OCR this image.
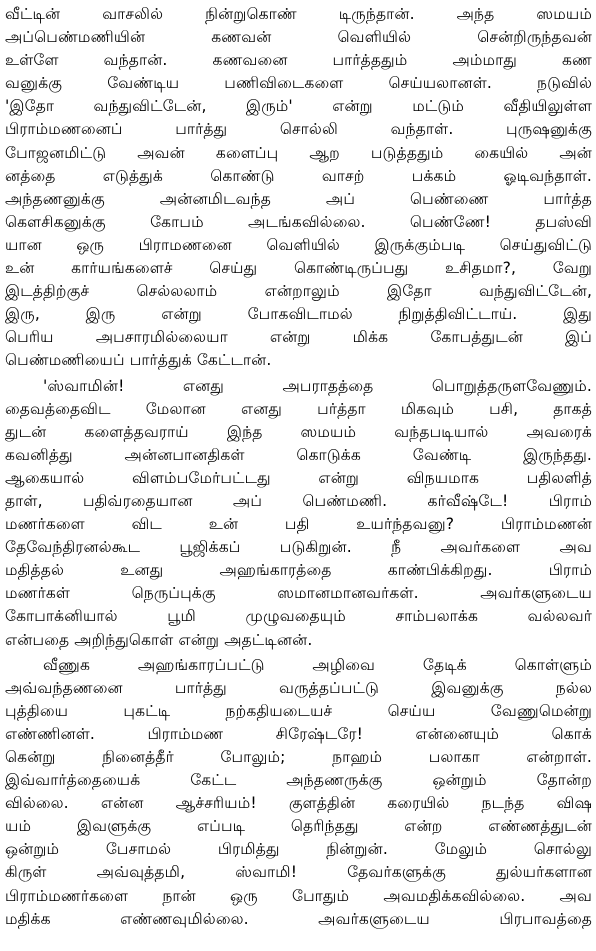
வீட்டின் வாசலில் நின்றுகொண் டிருந்தான். அந்த ஸமயம்
அப்பெண்மணியின் கணவன் வெளியில் சென்றிருந்தவன்
உள்ளே வந்தான். கணவனை பார்த்ததும் அம்மாது கண
வனுக்கு வேண்டிய பணிவிடைகளை செய்யலானள். நடுவில்
'இதோ வந்துவிட்டேன், இரும்' என்று மட்டும் வீதியிலுள்ள
பிராம்மணனைப் பார்த்து சொல்லி வந்தாள். புருஷனுக்கு
போஜனமிட்டு அவன் களைப்பு ஆற படுத்ததும் கையில் அன்
னத்தை எடுத்துக் கொண்டு வாசற் பக்கம் ஓடிவந்தாள்.
அந்தணனுக்கு அன்னமிடவந்த அப் பெண்ணை பார்த்த
கௌசிகனுக்கு கோபம் அடங்கவில்லை. பெண்ணே! தபஸ்வி
யான ஒரு பிராமணனை வெளியில் இருக்கும்படி செய்துவிட்டு
உன் கார்யங்களைச் செய்து கொண்டிருப்பது உசிதமா?, வேறு
இடத்திற்குச் செல்லலாம் என்றாலும் இதோ வந்துவிட்டேன்,
இரு, இரு என்று போகவிடாமல் நிறுத்திவிட்டாய். இது
பெரிய அபசாரமில்லையா என்று மிக்க கோபத்துடன் இப்
பெண்மணியைப் பார்த்துக் கேட்டான்.
'ஸ்வாமின்! எனது அபராதத்தை பொறுத்தருளவேணும்.
தைவத்தைவிட மேலான எனது பர்த்தா மிகவும் பசி, தாகத்
துடன் களைத்தவராய் இந்த ஸமயம் வந்தபடியால் அவரைக்
கவனித்து அன்னபானதிகள் கொடுக்க வேண்டி இருந்தது.
ஆகையால் விளம்பமேர்பட்டது என்று விநயமாக பதிலளித்
தாள், பதிவ்ரதையான அப் பெண்மணி. கர்வீஷ்டே! பிராம்
மணர்களை விட உன் பதி உயர்ந்தவனு? பிராம்மணன்
தேவேந்திரனல்கூட பூஜிக்கப் படுகிறுன். நீ அவர்களை அவ
மதித்தல் உனது அஹங்காரத்தை காண்பிக்கிறது. பிராம்
மணர்கள் நெருப்புக்கு ஸமானமானவர்கள். அவர்களுடைய
கோபாக்னியால் பூமி முழுவதையும் சாம்பலாக்க வல்லவர்
என்பதை அறிந்துகொள் என்று அதட்டினன்.
வீணுக அஹங்காரப்பட்டு அழிவை தேடிக் கொள்ளும்
அவ்வந்தணனை பார்த்து வருத்தப்பட்டு இவனுக்கு நல்ல
புத்தியை புகட்டி நற்கதியடையச் செய்ய வேணுமென்று
எண்ணினள். பிராம்மண சிரேஷ்டரே! என்னையும் கொக்
கென்று நினைத்தீர் போலும்; நாஹம் பலாகா என்றாள்.
இவ்வார்த்தையைக் கேட்ட அந்தணருக்கு ஒன்றும் தோன்ற
வில்லை. என்ன ஆச்சரியம்! குளத்தின் கரையில் நடந்த விஷ
யம் இவளுக்கு எப்படி தெரிந்தது என்ற எண்ணத்துடன்
ஒன்றும் பேசாமல் பிரமித்து நின்றுன். மேலும் சொல்லு
கிருள் அவ்வுத்தமி, ஸ்வாமி! தேவர்களுக்கு துல்யர்களான
பிராம்மணர்களை நான் ஒரு போதும் அவமதிக்கவில்லை. அவ
மதிக்க எண்ணவுமில்லை. அவர்களுடைய பிரபாவத்தை
